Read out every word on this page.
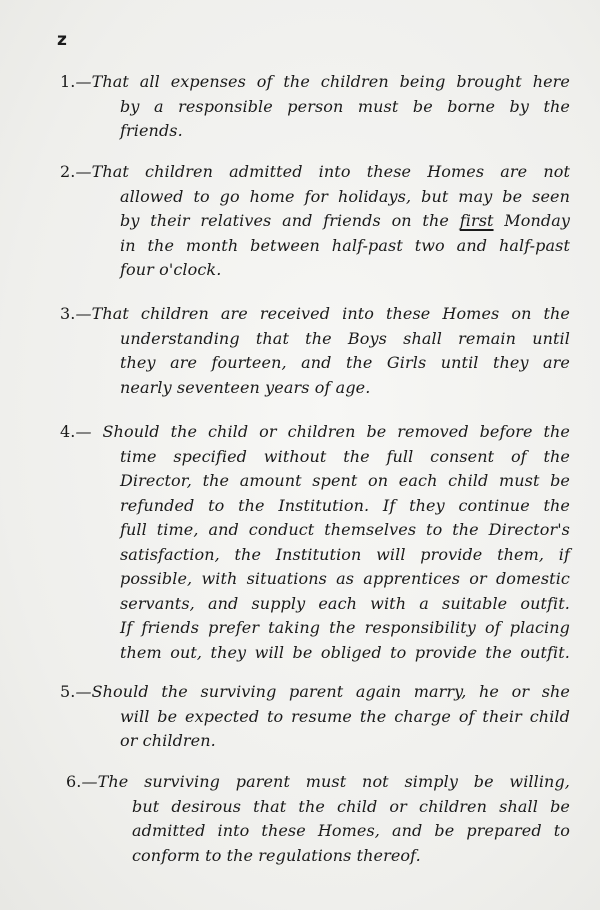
z
1.—That all expenses of the children being brought here
by a responsible person must be borne by the
friends.
2.—That children admitted into these Homes are not
allowed to go home for holidays, but may be seen
by their relatives and friends on the first Monday
in the month between half-past two and half-past
four o'clock.
3.—That children are received into these Homes on the
understanding that the Boys shall remain until
they are fourteen, and the Girls until they are
nearly seventeen years of age.
4.— Should the child or children be removed before the
time specified without the full consent of the
Director, the amount spent on each child must be
refunded to the Institution. If they continue the
full time, and conduct themselves to the Director's
satisfaction, the Institution will provide them, if
possible, with situations as apprentices or domestic
servants, and supply each with a suitable outfit.
If friends prefer taking the responsibility of placing
them out, they will be obliged to provide the outfit.
5.—Should the surviving parent again marry, he or she
will be expected to resume the charge of their child
or children.
6.—The surviving parent must not simply be willing,
but desirous that the child or children shall be
admitted into these Homes, and be prepared to
conform to the regulations thereof.
